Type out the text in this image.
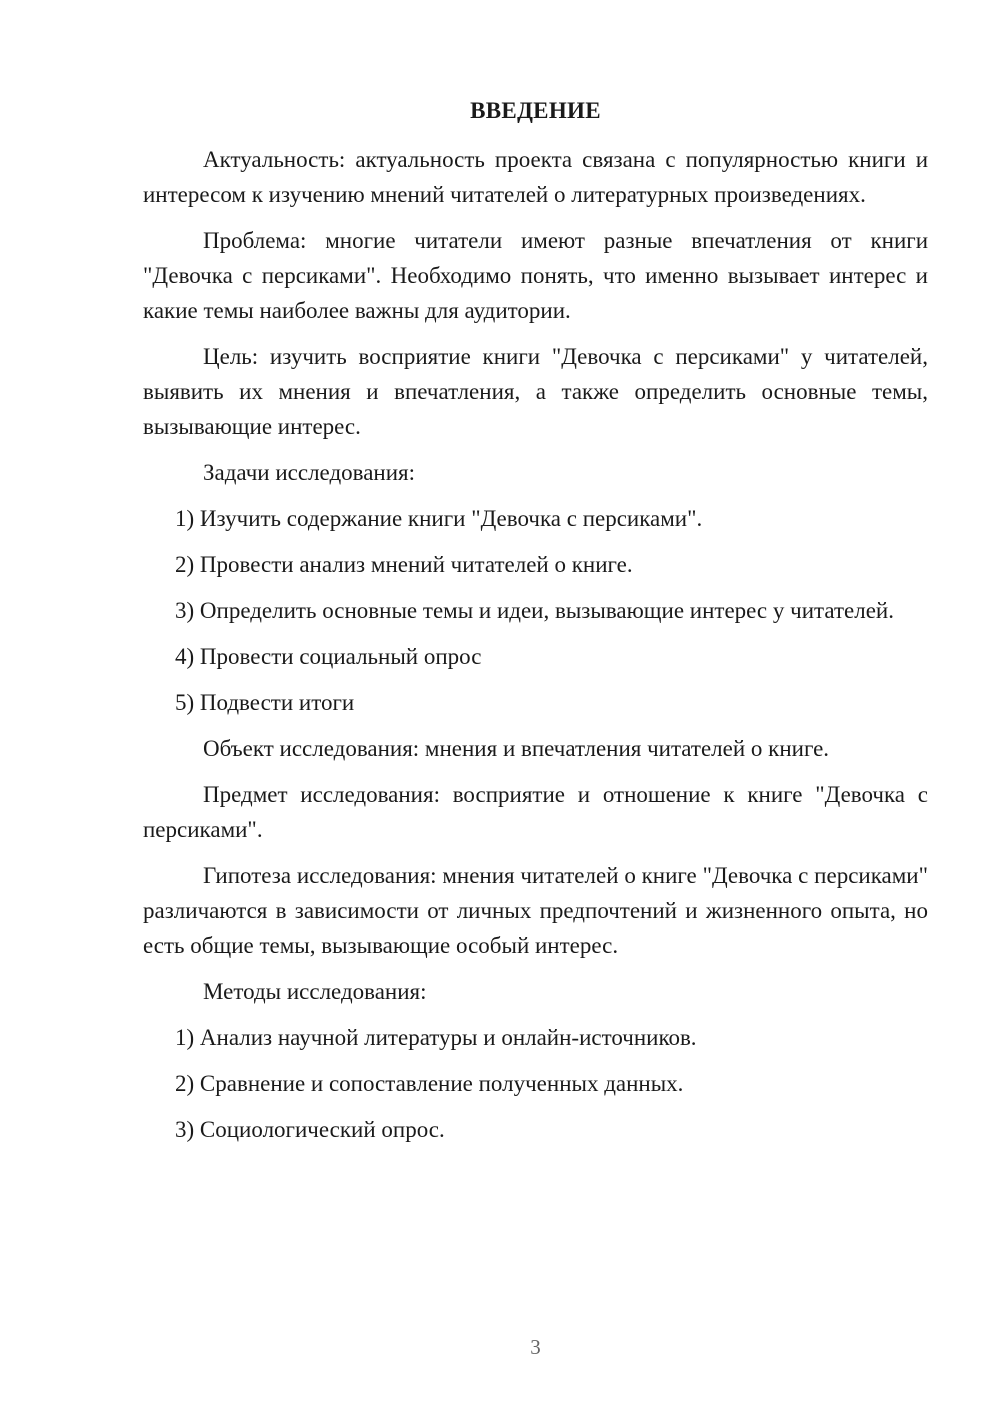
ВВЕДЕНИЕ

Актуальность: актуальность проекта связана с популярностью книги и интересом к изучению мнений читателей о литературных произведениях.

Проблема: многие читатели имеют разные впечатления от книги "Девочка с персиками". Необходимо понять, что именно вызывает интерес и какие темы наиболее важны для аудитории.

Цель: изучить восприятие книги "Девочка с персиками" у читателей, выявить их мнения и впечатления, а также определить основные темы, вызывающие интерес.

Задачи исследования:

1) Изучить содержание книги "Девочка с персиками".

2) Провести анализ мнений читателей о книге.

3) Определить основные темы и идеи, вызывающие интерес у читателей.

4) Провести социальный опрос

5) Подвести итоги

Объект исследования: мнения и впечатления читателей о книге.

Предмет исследования: восприятие и отношение к книге "Девочка с персиками".

Гипотеза исследования: мнения читателей о книге "Девочка с персиками" различаются в зависимости от личных предпочтений и жизненного опыта, но есть общие темы, вызывающие особый интерес.

Методы исследования:

1) Анализ научной литературы и онлайн-источников.

2) Сравнение и сопоставление полученных данных.

3) Социологический опрос.

3
